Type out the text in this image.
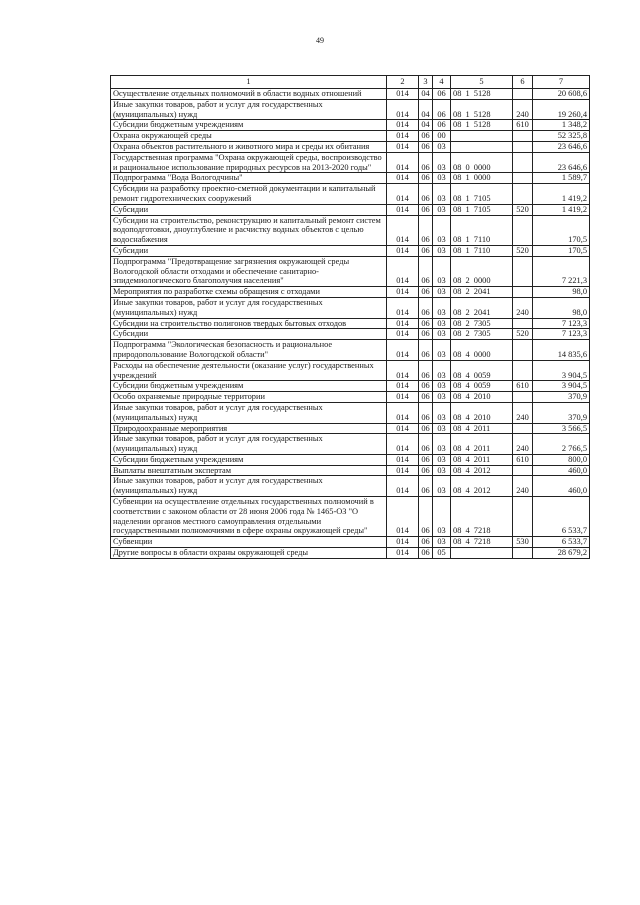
49
1	2	3	4	5	6	7
Осуществление отдельных полномочий в области водных отношений	014	04	06	08 1 5128		20 608,6
Иные закупки товаров, работ и услуг для государственных (муниципальных) нужд	014	04	06	08 1 5128	240	19 260,4
Субсидии бюджетным учреждениям	014	04	06	08 1 5128	610	1 348,2
Охрана окружающей среды	014	06	00			52 325,8
Охрана объектов растительного и животного мира и среды их обитания	014	06	03			23 646,6
Государственная программа "Охрана окружающей среды, воспроизводство и рациональное использование природных ресурсов на 2013-2020 годы"	014	06	03	08 0 0000		23 646,6
Подпрограмма "Вода Вологодчины"	014	06	03	08 1 0000		1 589,7
Субсидии на разработку проектно-сметной документации и капитальный ремонт гидротехнических сооружений	014	06	03	08 1 7105		1 419,2
Субсидии	014	06	03	08 1 7105	520	1 419,2
Субсидии на строительство, реконструкцию и капитальный ремонт систем водоподготовки, дноуглубление и расчистку водных объектов с целью водоснабжения	014	06	03	08 1 7110		170,5
Субсидии	014	06	03	08 1 7110	520	170,5
Подпрограмма "Предотвращение загрязнения окружающей среды Вологодской области отходами и обеспечение санитарно-эпидемиологического благополучия населения"	014	06	03	08 2 0000		7 221,3
Мероприятия по разработке схемы обращения с отходами	014	06	03	08 2 2041		98,0
Иные закупки товаров, работ и услуг для государственных (муниципальных) нужд	014	06	03	08 2 2041	240	98,0
Субсидии на строительство полигонов твердых бытовых отходов	014	06	03	08 2 7305		7 123,3
Субсидии	014	06	03	08 2 7305	520	7 123,3
Подпрограмма "Экологическая безопасность и рациональное природопользование Вологодской области"	014	06	03	08 4 0000		14 835,6
Расходы на обеспечение деятельности (оказание услуг) государственных учреждений	014	06	03	08 4 0059		3 904,5
Субсидии бюджетным учреждениям	014	06	03	08 4 0059	610	3 904,5
Особо охраняемые природные территории	014	06	03	08 4 2010		370,9
Иные закупки товаров, работ и услуг для государственных (муниципальных) нужд	014	06	03	08 4 2010	240	370,9
Природоохранные мероприятия	014	06	03	08 4 2011		3 566,5
Иные закупки товаров, работ и услуг для государственных (муниципальных) нужд	014	06	03	08 4 2011	240	2 766,5
Субсидии бюджетным учреждениям	014	06	03	08 4 2011	610	800,0
Выплаты внештатным экспертам	014	06	03	08 4 2012		460,0
Иные закупки товаров, работ и услуг для государственных (муниципальных) нужд	014	06	03	08 4 2012	240	460,0
Субвенции на осуществление отдельных государственных полномочий в соответствии с законом области от 28 июня 2006 года № 1465-ОЗ "О наделении органов местного самоуправления отдельными государственными полномочиями в сфере охраны окружающей среды"	014	06	03	08 4 7218		6 533,7
Субвенции	014	06	03	08 4 7218	530	6 533,7
Другие вопросы в области охраны окружающей среды	014	06	05			28 679,2
